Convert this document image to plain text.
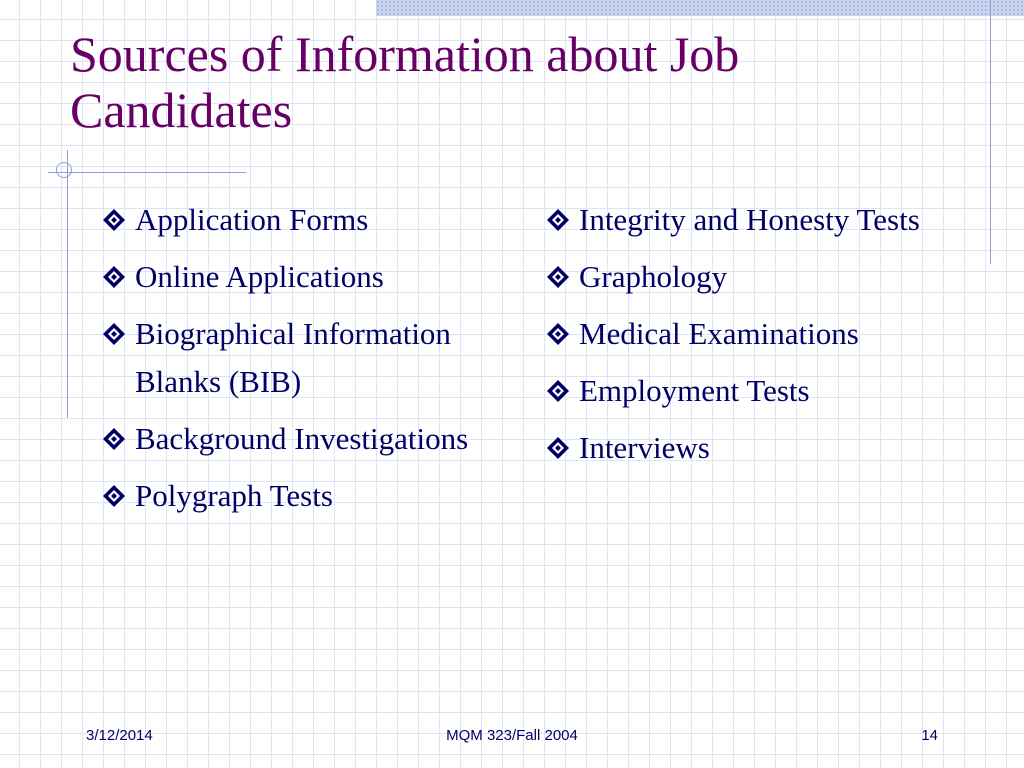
Sources of Information about Job Candidates
Application Forms
Online Applications
Biographical Information Blanks (BIB)
Background Investigations
Polygraph Tests
Integrity and Honesty Tests
Graphology
Medical Examinations
Employment Tests
Interviews
3/12/2014	MQM 323/Fall 2004	14
